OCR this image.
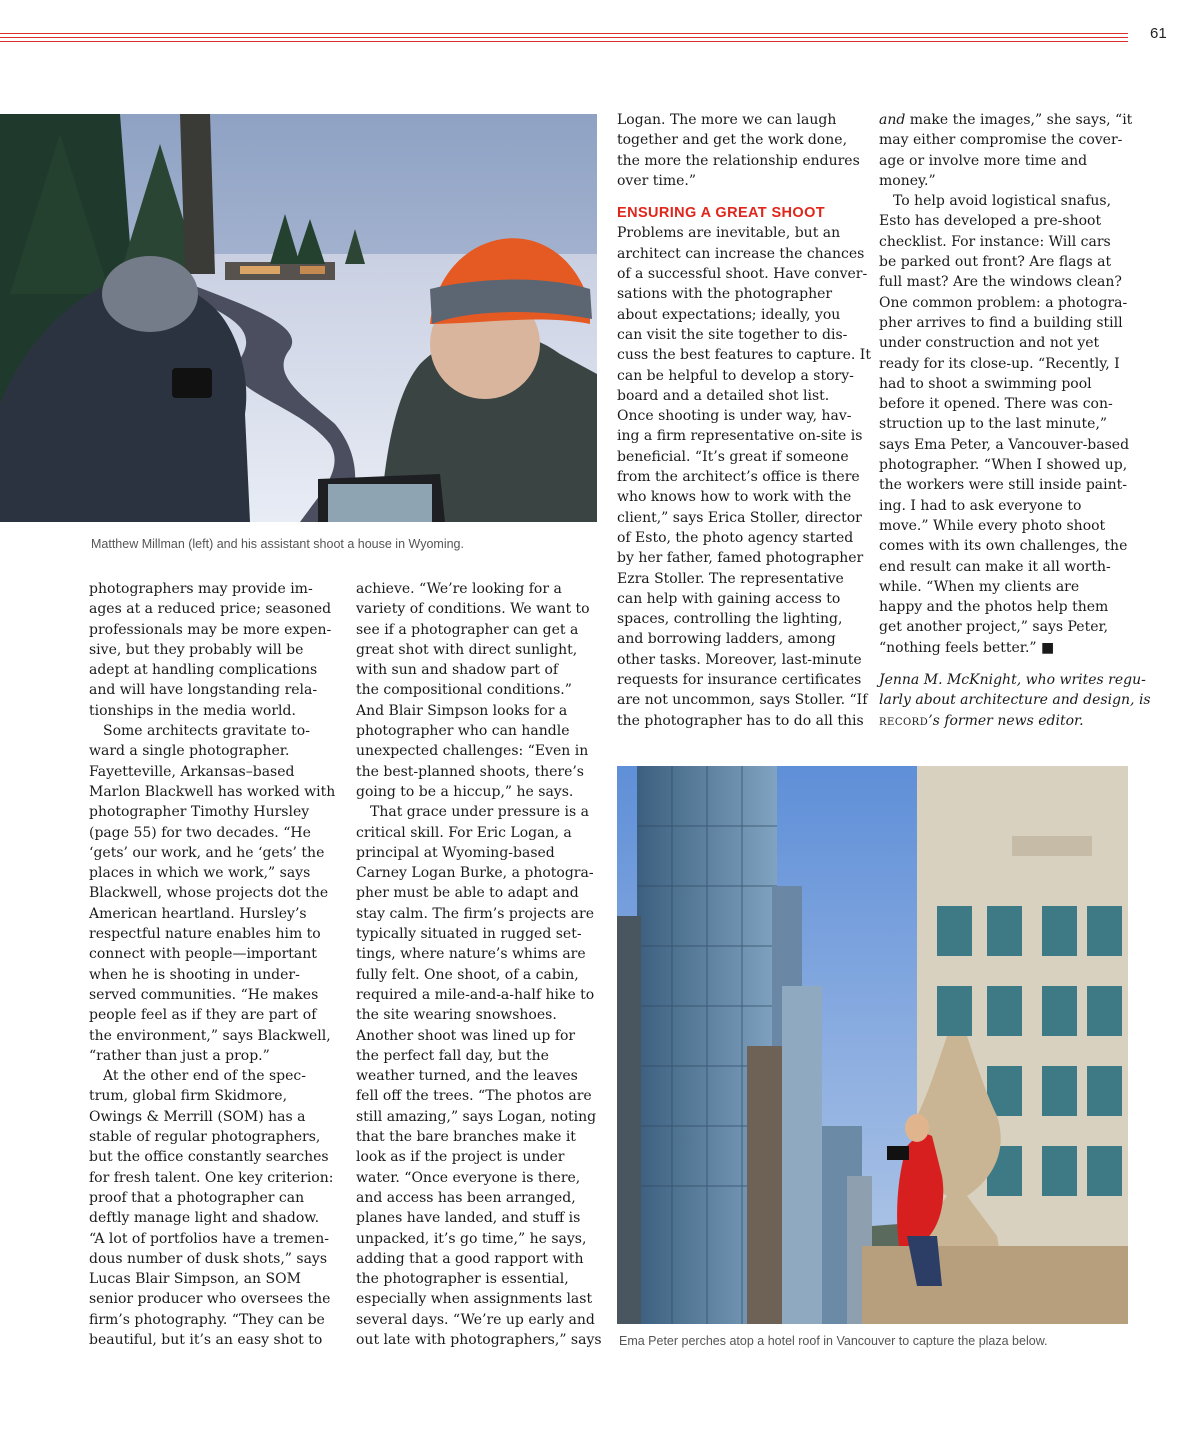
61
Matthew Millman (left) and his assistant shoot a house in Wyoming.
Ema Peter perches atop a hotel roof in Vancouver to capture the plaza below.
photographers may provide im-
ages at a reduced price; seasoned
professionals may be more expen-
sive, but they probably will be
adept at handling complications
and will have longstanding rela-
tionships in the media world.
 Some architects gravitate to-
ward a single photographer.
Fayetteville, Arkansas–based
Marlon Blackwell has worked with
photographer Timothy Hursley
(page 55) for two decades. “He
‘gets’ our work, and he ‘gets’ the
places in which we work,” says
Blackwell, whose projects dot the
American heartland. Hursley’s
respectful nature enables him to
connect with people—important
when he is shooting in under-
served communities. “He makes
people feel as if they are part of
the environment,” says Blackwell,
“rather than just a prop.”
 At the other end of the spec-
trum, global firm Skidmore,
Owings & Merrill (SOM) has a
stable of regular photographers,
but the office constantly searches
for fresh talent. One key criterion:
proof that a photographer can
deftly manage light and shadow.
“A lot of portfolios have a tremen-
dous number of dusk shots,” says
Lucas Blair Simpson, an SOM
senior producer who oversees the
firm’s photography. “They can be
beautiful, but it’s an easy shot to
achieve. “We’re looking for a
variety of conditions. We want to
see if a photographer can get a
great shot with direct sunlight,
with sun and shadow part of
the compositional conditions.”
And Blair Simpson looks for a
photographer who can handle
unexpected challenges: “Even in
the best-planned shoots, there’s
going to be a hiccup,” he says.
 That grace under pressure is a
critical skill. For Eric Logan, a
principal at Wyoming-based
Carney Logan Burke, a photogra-
pher must be able to adapt and
stay calm. The firm’s projects are
typically situated in rugged set-
tings, where nature’s whims are
fully felt. One shoot, of a cabin,
required a mile-and-a-half hike to
the site wearing snowshoes.
Another shoot was lined up for
the perfect fall day, but the
weather turned, and the leaves
fell off the trees. “The photos are
still amazing,” says Logan, noting
that the bare branches make it
look as if the project is under
water. “Once everyone is there,
and access has been arranged,
planes have landed, and stuff is
unpacked, it’s go time,” he says,
adding that a good rapport with
the photographer is essential,
especially when assignments last
several days. “We’re up early and
out late with photographers,” says
Logan. The more we can laugh
together and get the work done,
the more the relationship endures
over time.”
ENSURING A GREAT SHOOT
Problems are inevitable, but an
architect can increase the chances
of a successful shoot. Have conver-
sations with the photographer
about expectations; ideally, you
can visit the site together to dis-
cuss the best features to capture. It
can be helpful to develop a story-
board and a detailed shot list.
Once shooting is under way, hav-
ing a firm representative on-site is
beneficial. “It’s great if someone
from the architect’s office is there
who knows how to work with the
client,” says Erica Stoller, director
of Esto, the photo agency started
by her father, famed photographer
Ezra Stoller. The representative
can help with gaining access to
spaces, controlling the lighting,
and borrowing ladders, among
other tasks. Moreover, last-minute
requests for insurance certificates
are not uncommon, says Stoller. “If
the photographer has to do all this
and make the images,” she says, “it
may either compromise the cover-
age or involve more time and
money.”
 To help avoid logistical snafus,
Esto has developed a pre-shoot
checklist. For instance: Will cars
be parked out front? Are flags at
full mast? Are the windows clean?
One common problem: a photogra-
pher arrives to find a building still
under construction and not yet
ready for its close-up. “Recently, I
had to shoot a swimming pool
before it opened. There was con-
struction up to the last minute,”
says Ema Peter, a Vancouver-based
photographer. “When I showed up,
the workers were still inside paint-
ing. I had to ask everyone to
move.” While every photo shoot
comes with its own challenges, the
end result can make it all worth-
while. “When my clients are
happy and the photos help them
get another project,” says Peter,
“nothing feels better.” ■
Jenna M. McKnight, who writes regu-
larly about architecture and design, is
record’s former news editor.
